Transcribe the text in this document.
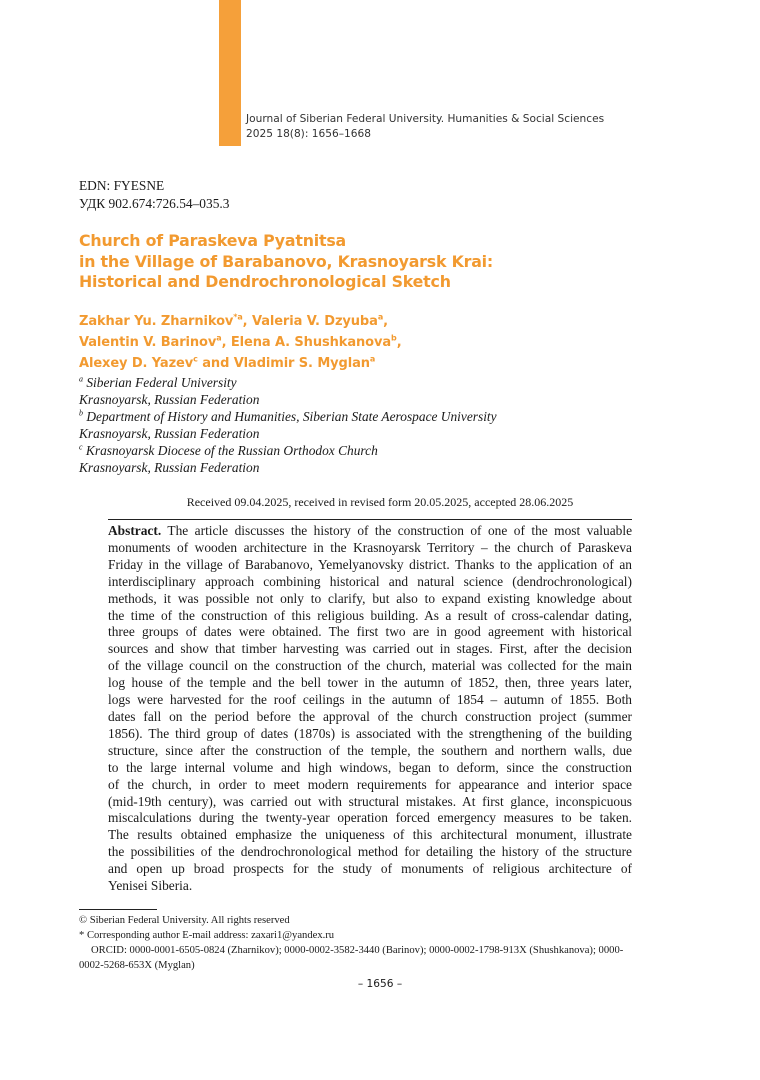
Journal of Siberian Federal University. Humanities & Social Sciences
2025 18(8): 1656–1668
EDN: FYESNE
УДК 902.674:726.54–035.3
Church of Paraskeva Pyatnitsa
in the Village of Barabanovo, Krasnoyarsk Krai:
Historical and Dendrochronological Sketch
Zakhar Yu. Zharnikov$^{*a}$, Valeria V. Dzyuba$^a$,
Valentin V. Barinov$^a$, Elena A. Shushkanova$^b$,
Alexey D. Yazev$^c$ and Vladimir S. Myglan$^a$
$^a$ Siberian Federal University
Krasnoyarsk, Russian Federation
$^b$ Department of History and Humanities, Siberian State Aerospace University
Krasnoyarsk, Russian Federation
$^c$ Krasnoyarsk Diocese of the Russian Orthodox Church
Krasnoyarsk, Russian Federation
Received 09.04.2025, received in revised form 20.05.2025, accepted 28.06.2025
Abstract. The article discusses the history of the construction of one of the most valuable
monuments of wooden architecture in the Krasnoyarsk Territory – the church of Paraskeva
Friday in the village of Barabanovo, Yemelyanovsky district. Thanks to the application of an
interdisciplinary approach combining historical and natural science (dendrochronological)
methods, it was possible not only to clarify, but also to expand existing knowledge about
the time of the construction of this religious building. As a result of cross-calendar dating,
three groups of dates were obtained. The first two are in good agreement with historical
sources and show that timber harvesting was carried out in stages. First, after the decision
of the village council on the construction of the church, material was collected for the main
log house of the temple and the bell tower in the autumn of 1852, then, three years later,
logs were harvested for the roof ceilings in the autumn of 1854 – autumn of 1855. Both
dates fall on the period before the approval of the church construction project (summer
1856). The third group of dates (1870s) is associated with the strengthening of the building
structure, since after the construction of the temple, the southern and northern walls, due
to the large internal volume and high windows, began to deform, since the construction
of the church, in order to meet modern requirements for appearance and interior space
(mid-19th century), was carried out with structural mistakes. At first glance, inconspicuous
miscalculations during the twenty-year operation forced emergency measures to be taken.
The results obtained emphasize the uniqueness of this architectural monument, illustrate
the possibilities of the dendrochronological method for detailing the history of the structure
and open up broad prospects for the study of monuments of religious architecture of
Yenisei Siberia.
© Siberian Federal University. All rights reserved
* Corresponding author E-mail address: zaxari1@yandex.ru
ORCID: 0000-0001-6505-0824 (Zharnikov); 0000-0002-3582-3440 (Barinov); 0000-0002-1798-913X (Shushkanova); 0000-
0002-5268-653X (Myglan)
– 1656 –
